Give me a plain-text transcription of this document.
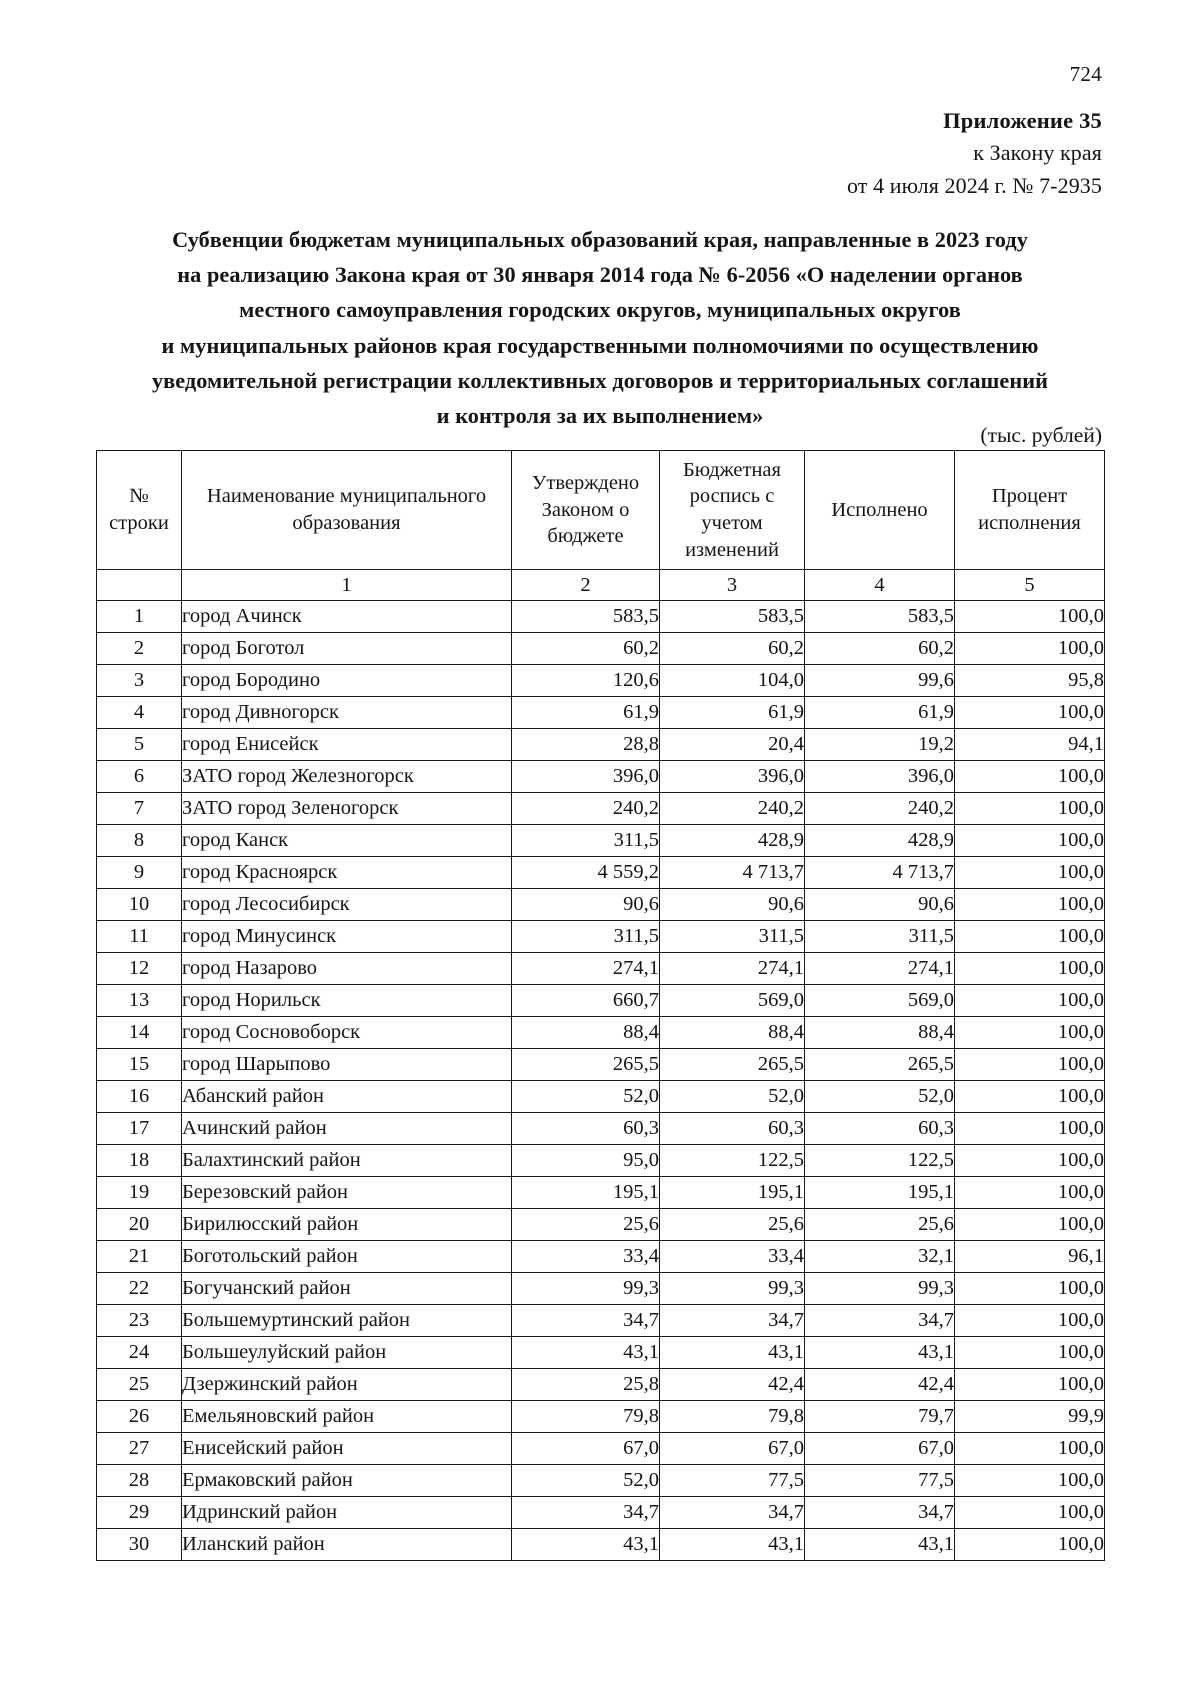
724
Приложение 35
к Закону края
от 4 июля 2024 г. № 7-2935
Субвенции бюджетам муниципальных образований края, направленные в 2023 году
на реализацию Закона края от 30 января 2014 года № 6-2056 «О наделении органов
местного самоуправления городских округов, муниципальных округов
и муниципальных районов края государственными полномочиями по осуществлению
уведомительной регистрации коллективных договоров и территориальных соглашений
и контроля за их выполнением»
(тыс. рублей)
№ строки	Наименование муниципального образования	Утверждено Законом о бюджете	Бюджетная роспись с учетом изменений	Исполнено	Процент исполнения
	1	2	3	4	5
1	город Ачинск	583,5	583,5	583,5	100,0
2	город Боготол	60,2	60,2	60,2	100,0
3	город Бородино	120,6	104,0	99,6	95,8
4	город Дивногорск	61,9	61,9	61,9	100,0
5	город Енисейск	28,8	20,4	19,2	94,1
6	ЗАТО город Железногорск	396,0	396,0	396,0	100,0
7	ЗАТО город Зеленогорск	240,2	240,2	240,2	100,0
8	город Канск	311,5	428,9	428,9	100,0
9	город Красноярск	4 559,2	4 713,7	4 713,7	100,0
10	город Лесосибирск	90,6	90,6	90,6	100,0
11	город Минусинск	311,5	311,5	311,5	100,0
12	город Назарово	274,1	274,1	274,1	100,0
13	город Норильск	660,7	569,0	569,0	100,0
14	город Сосновоборск	88,4	88,4	88,4	100,0
15	город Шарыпово	265,5	265,5	265,5	100,0
16	Абанский район	52,0	52,0	52,0	100,0
17	Ачинский район	60,3	60,3	60,3	100,0
18	Балахтинский район	95,0	122,5	122,5	100,0
19	Березовский район	195,1	195,1	195,1	100,0
20	Бирилюсский район	25,6	25,6	25,6	100,0
21	Боготольский район	33,4	33,4	32,1	96,1
22	Богучанский район	99,3	99,3	99,3	100,0
23	Большемуртинский район	34,7	34,7	34,7	100,0
24	Большеулуйский район	43,1	43,1	43,1	100,0
25	Дзержинский район	25,8	42,4	42,4	100,0
26	Емельяновский район	79,8	79,8	79,7	99,9
27	Енисейский район	67,0	67,0	67,0	100,0
28	Ермаковский район	52,0	77,5	77,5	100,0
29	Идринский район	34,7	34,7	34,7	100,0
30	Иланский район	43,1	43,1	43,1	100,0
